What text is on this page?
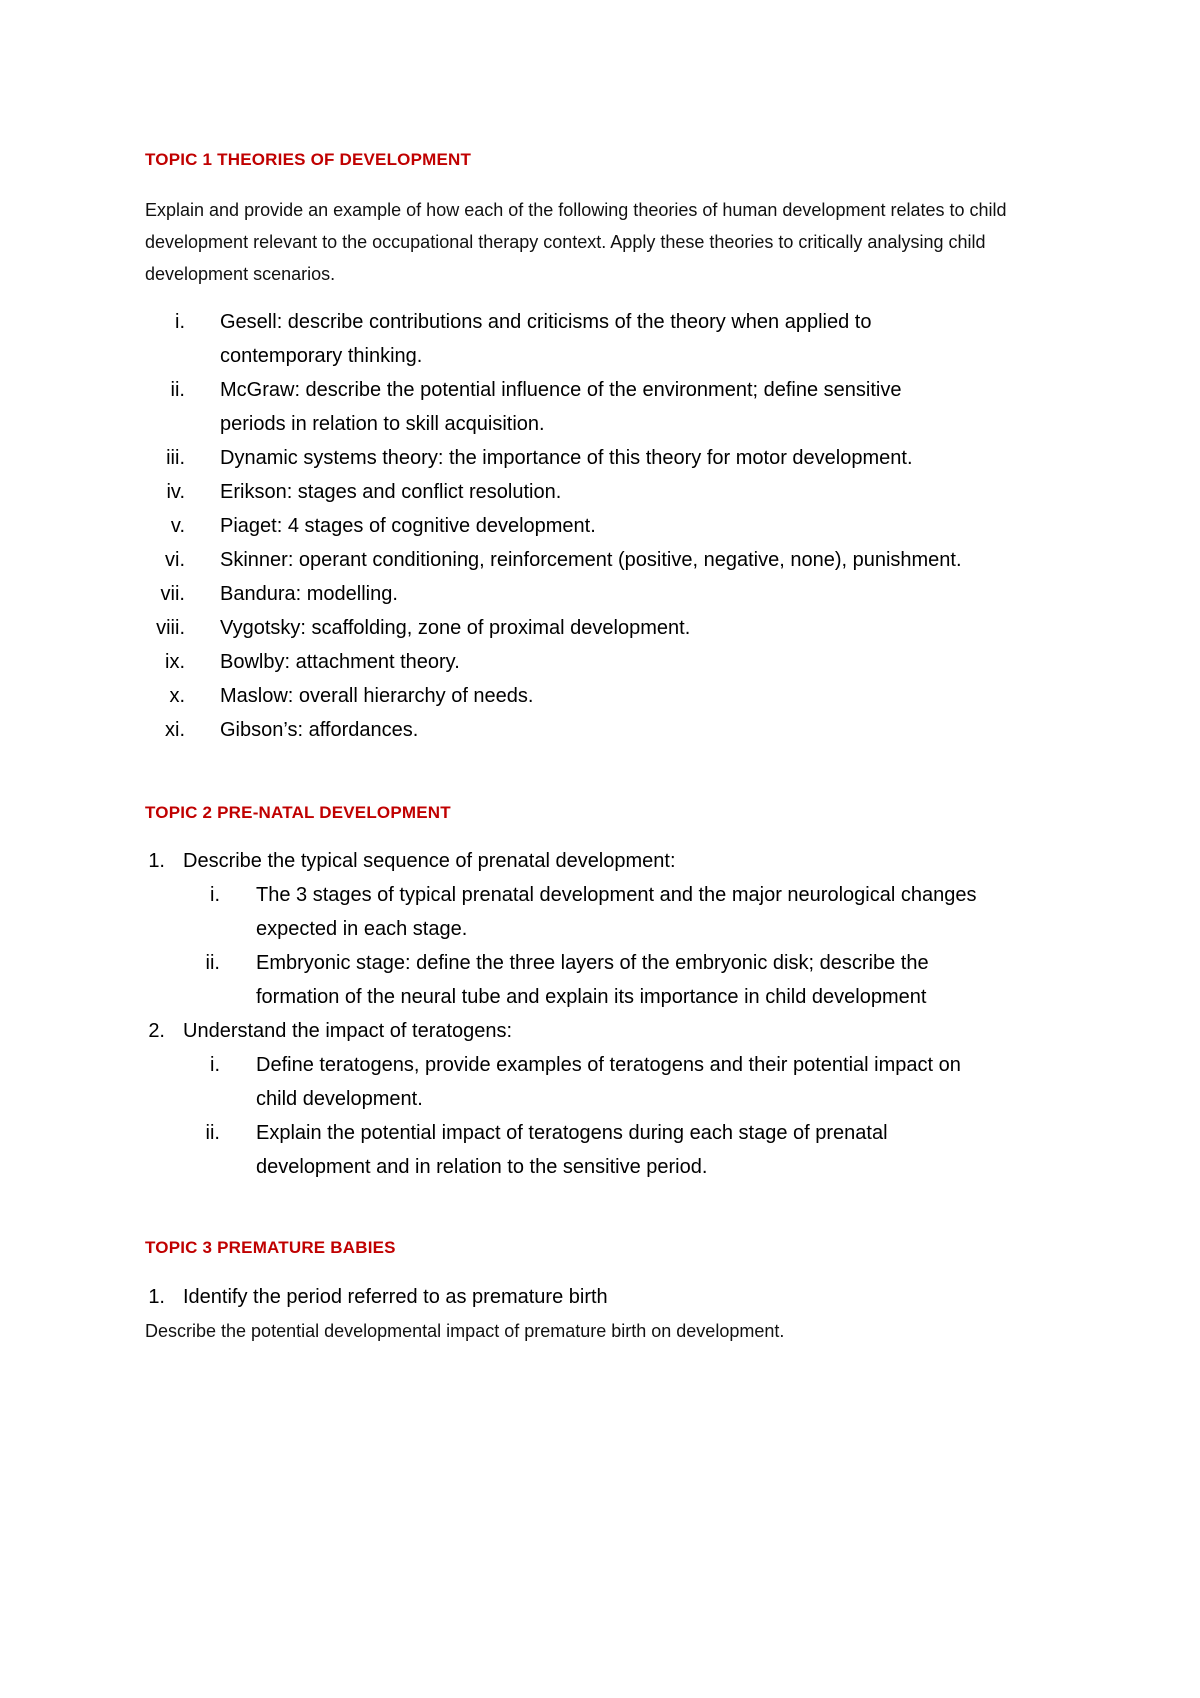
TOPIC 1 THEORIES OF DEVELOPMENT

Explain and provide an example of how each of the following theories of human development relates to child development relevant to the occupational therapy context. Apply these theories to critically analysing child development scenarios.

i. Gesell: describe contributions and criticisms of the theory when applied to
contemporary thinking.
ii. McGraw: describe the potential influence of the environment; define sensitive
periods in relation to skill acquisition.
iii. Dynamic systems theory: the importance of this theory for motor development.
iv. Erikson: stages and conflict resolution.
v. Piaget: 4 stages of cognitive development.
vi. Skinner: operant conditioning, reinforcement (positive, negative, none), punishment.
vii. Bandura: modelling.
viii. Vygotsky: scaffolding, zone of proximal development.
ix. Bowlby: attachment theory.
x. Maslow: overall hierarchy of needs.
xi. Gibson’s: affordances.
TOPIC 2 PRE-NATAL DEVELOPMENT
1. Describe the typical sequence of prenatal development:
i. The 3 stages of typical prenatal development and the major neurological changes
expected in each stage.
ii. Embryonic stage: define the three layers of the embryonic disk; describe the
formation of the neural tube and explain its importance in child development
2. Understand the impact of teratogens:
i. Define teratogens, provide examples of teratogens and their potential impact on
child development.
ii. Explain the potential impact of teratogens during each stage of prenatal
development and in relation to the sensitive period.
TOPIC 3 PREMATURE BABIES
1. Identify the period referred to as premature birth
Describe the potential developmental impact of premature birth on development.
